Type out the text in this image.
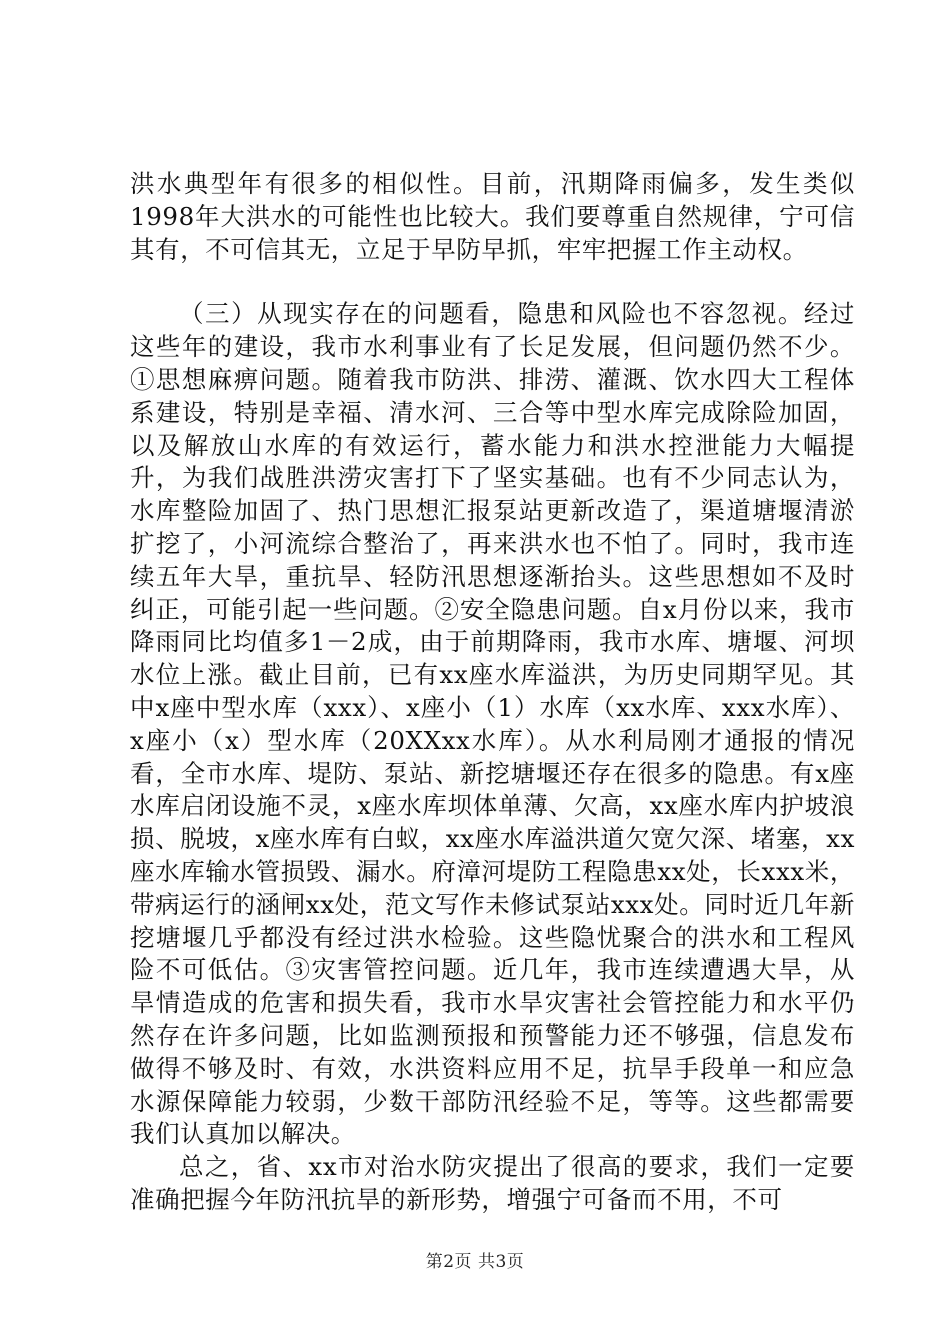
洪水典型年有很多的相似性。目前，汛期降雨偏多，发生类似1998年大洪水的可能性也比较大。我们要尊重自然规律，宁可信其有，不可信其无，立足于早防早抓，牢牢把握工作主动权。

（三）从现实存在的问题看，隐患和风险也不容忽视。经过这些年的建设，我市水利事业有了长足发展，但问题仍然不少。①思想麻痹问题。随着我市防洪、排涝、灌溉、饮水四大工程体系建设，特别是幸福、清水河、三合等中型水库完成除险加固，以及解放山水库的有效运行，蓄水能力和洪水控泄能力大幅提升，为我们战胜洪涝灾害打下了坚实基础。也有不少同志认为，水库整险加固了、热门思想汇报泵站更新改造了，渠道塘堰清淤扩挖了，小河流综合整治了，再来洪水也不怕了。同时，我市连续五年大旱，重抗旱、轻防汛思想逐渐抬头。这些思想如不及时纠正，可能引起一些问题。②安全隐患问题。自x月份以来，我市降雨同比均值多1－2成，由于前期降雨，我市水库、塘堰、河坝水位上涨。截止目前，已有xx座水库溢洪，为历史同期罕见。其中x座中型水库（xxx）、x座小（1）水库（xx水库、xxx水库）、x座小（x）型水库（20XXxx水库）。从水利局刚才通报的情况看，全市水库、堤防、泵站、新挖塘堰还存在很多的隐患。有x座水库启闭设施不灵，x座水库坝体单薄、欠高，xx座水库内护坡浪损、脱坡，x座水库有白蚁，xx座水库溢洪道欠宽欠深、堵塞，xx座水库输水管损毁、漏水。府漳河堤防工程隐患xx处，长xxx米，带病运行的涵闸xx处，范文写作未修试泵站xxx处。同时近几年新挖塘堰几乎都没有经过洪水检验。这些隐忧聚合的洪水和工程风险不可低估。③灾害管控问题。近几年，我市连续遭遇大旱，从旱情造成的危害和损失看，我市水旱灾害社会管控能力和水平仍然存在许多问题，比如监测预报和预警能力还不够强，信息发布做得不够及时、有效，水洪资料应用不足，抗旱手段单一和应急水源保障能力较弱，少数干部防汛经验不足，等等。这些都需要我们认真加以解决。

总之，省、xx市对治水防灾提出了很高的要求，我们一定要准确把握今年防汛抗旱的新形势，增强宁可备而不用，不可

第2页 共3页
